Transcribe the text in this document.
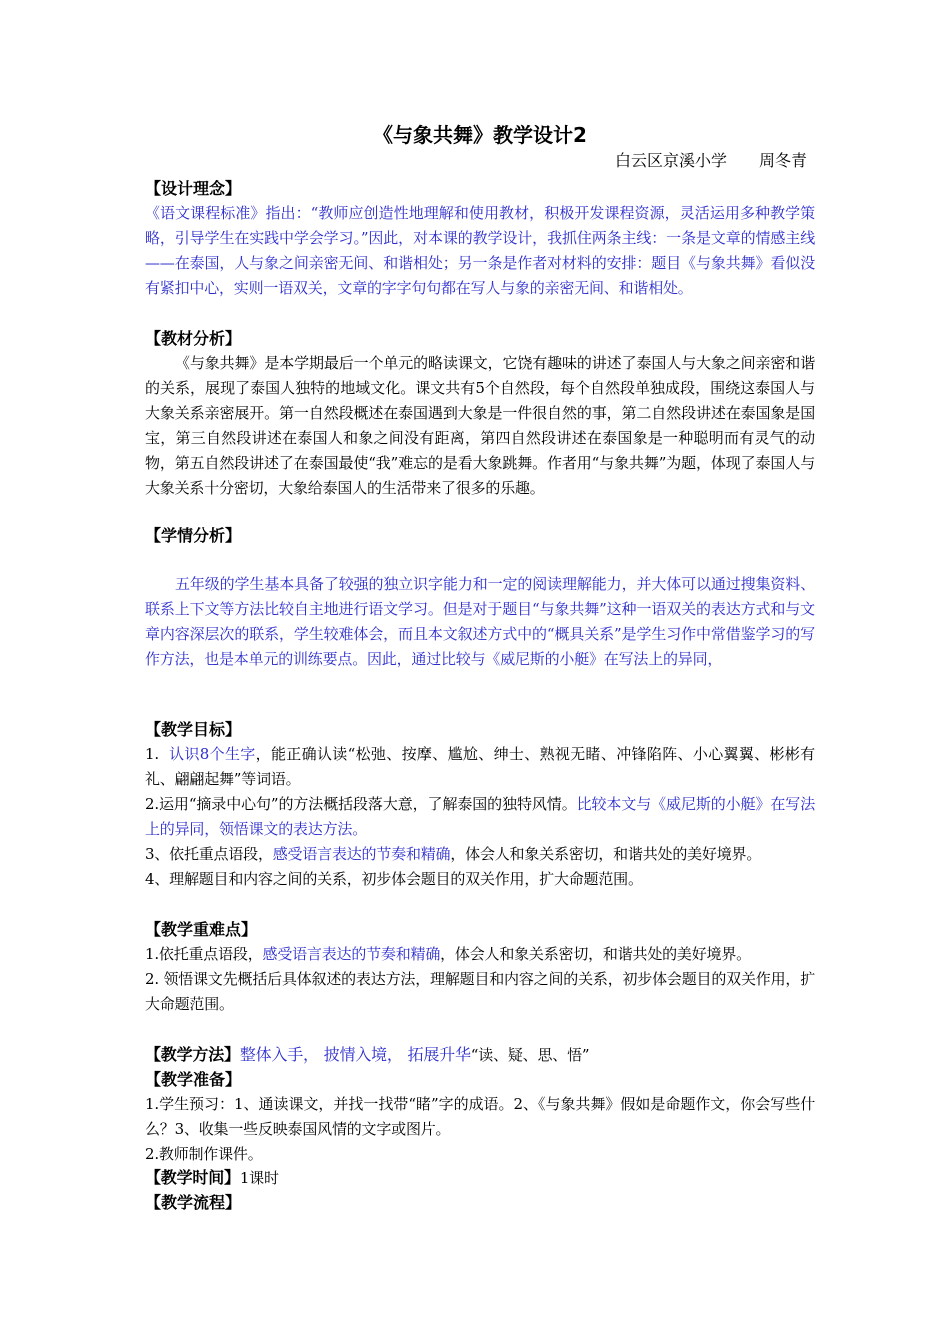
《与象共舞》教学设计2
白云区京溪小学　　周冬青
【设计理念】
《语文课程标准》指出：“教师应创造性地理解和使用教材，积极开发课程资源，灵活运用多种教学策略，引导学生在实践中学会学习。”因此，对本课的教学设计，我抓住两条主线：一条是文章的情感主线——在泰国，人与象之间亲密无间、和谐相处；另一条是作者对材料的安排：题目《与象共舞》看似没有紧扣中心，实则一语双关，文章的字字句句都在写人与象的亲密无间、和谐相处。
【教材分析】
《与象共舞》是本学期最后一个单元的略读课文，它饶有趣味的讲述了泰国人与大象之间亲密和谐的关系，展现了泰国人独特的地域文化。课文共有5个自然段，每个自然段单独成段，围绕这泰国人与大象关系亲密展开。第一自然段概述在泰国遇到大象是一件很自然的事，第二自然段讲述在泰国象是国宝，第三自然段讲述在泰国人和象之间没有距离，第四自然段讲述在泰国象是一种聪明而有灵气的动物，第五自然段讲述了在泰国最使“我”难忘的是看大象跳舞。作者用“与象共舞”为题，体现了泰国人与大象关系十分密切，大象给泰国人的生活带来了很多的乐趣。
【学情分析】
五年级的学生基本具备了较强的独立识字能力和一定的阅读理解能力，并大体可以通过搜集资料、联系上下文等方法比较自主地进行语文学习。但是对于题目“与象共舞”这种一语双关的表达方式和与文章内容深层次的联系，学生较难体会，而且本文叙述方式中的“概具关系”是学生习作中常借鉴学习的写作方法，也是本单元的训练要点。因此，通过比较与《威尼斯的小艇》在写法上的异同，
【教学目标】
1.  认识8个生字，能正确认读“松弛、按摩、尴尬、绅士、熟视无睹、冲锋陷阵、小心翼翼、彬彬有礼、翩翩起舞”等词语。
2.运用“摘录中心句”的方法概括段落大意，了解泰国的独特风情。比较本文与《威尼斯的小艇》在写法上的异同，领悟课文的表达方法。
3、依托重点语段，感受语言表达的节奏和精确，体会人和象关系密切，和谐共处的美好境界。
4、理解题目和内容之间的关系，初步体会题目的双关作用，扩大命题范围。
【教学重难点】
1.依托重点语段，感受语言表达的节奏和精确，体会人和象关系密切，和谐共处的美好境界。
2. 领悟课文先概括后具体叙述的表达方法，理解题目和内容之间的关系，初步体会题目的双关作用，扩大命题范围。
【教学方法】整体入手， 披情入境， 拓展升华“读、疑、思、悟”
【教学准备】
1.学生预习：1、通读课文，并找一找带“睹”字的成语。2、《与象共舞》假如是命题作文，你会写些什么？3、收集一些反映泰国风情的文字或图片。
2.教师制作课件。
【教学时间】1课时
【教学流程】
